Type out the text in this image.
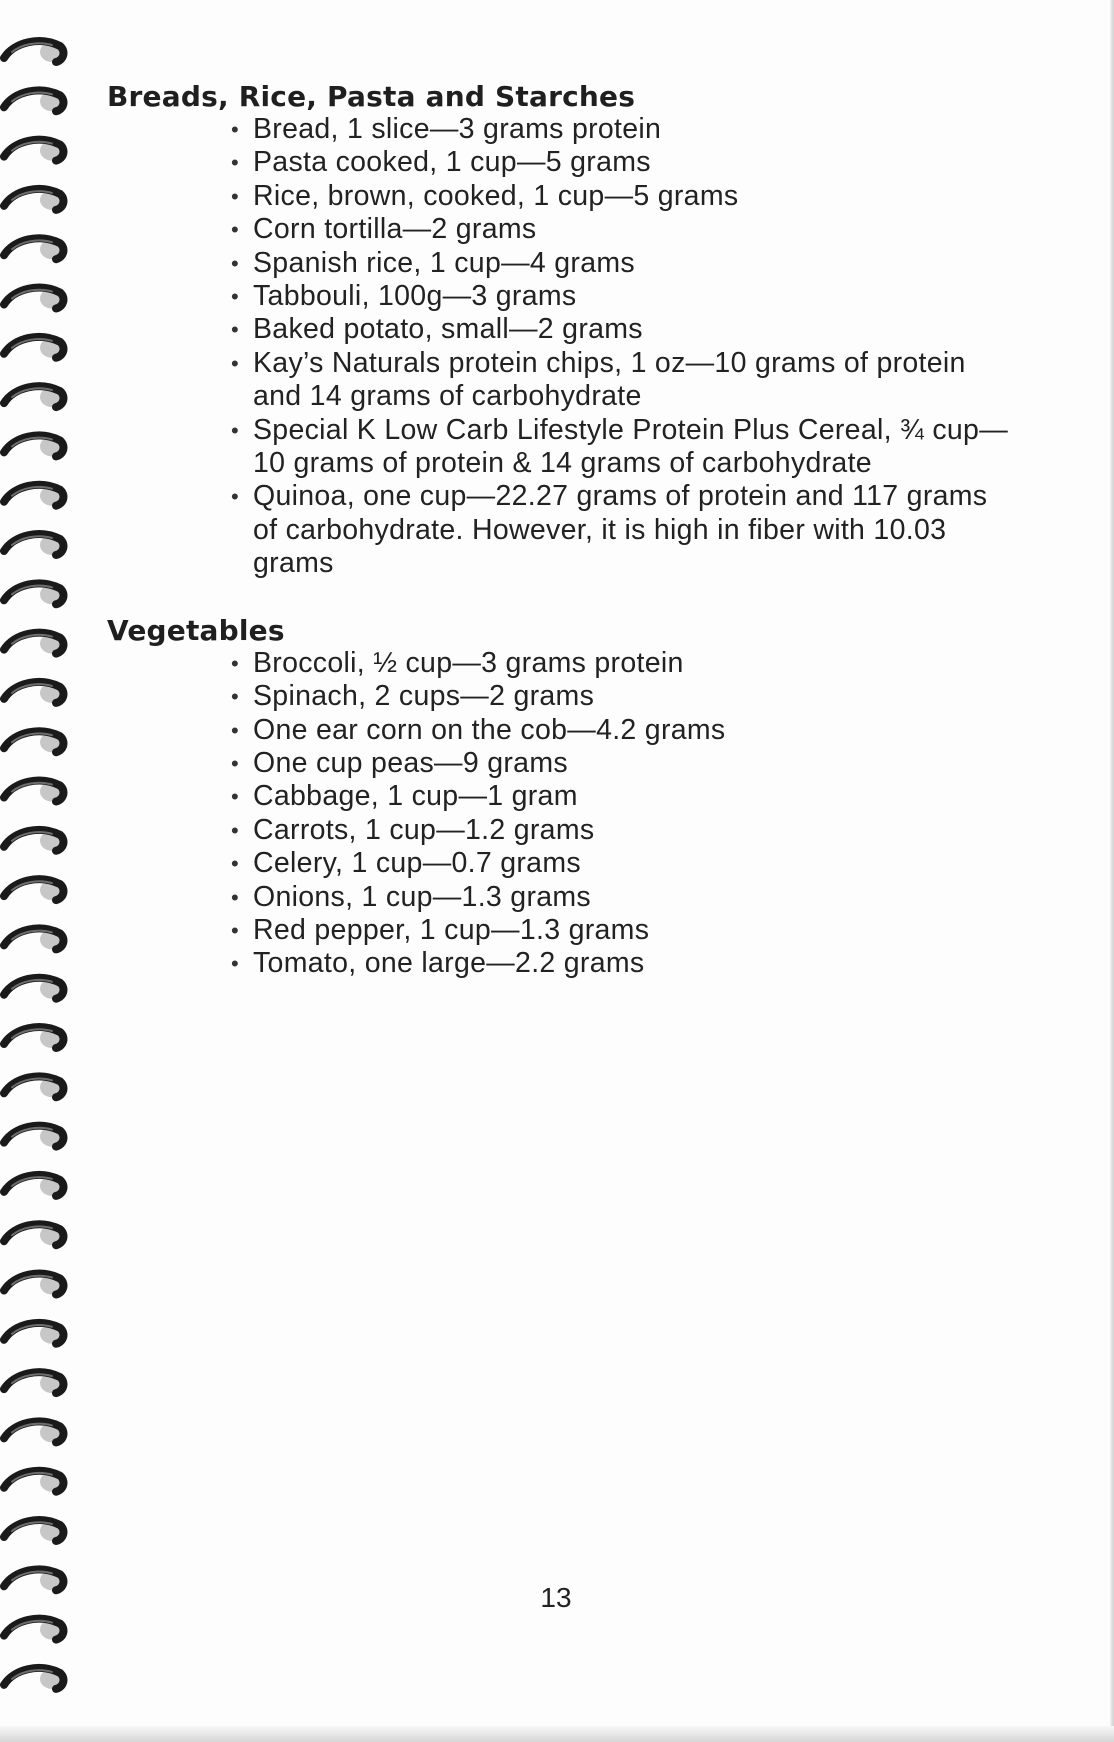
Breads, Rice, Pasta and Starches
• Bread, 1 slice—3 grams protein
• Pasta cooked, 1 cup—5 grams
• Rice, brown, cooked, 1 cup—5 grams
• Corn tortilla—2 grams
• Spanish rice, 1 cup—4 grams
• Tabbouli, 100g—3 grams
• Baked potato, small—2 grams
• Kay’s Naturals protein chips, 1 oz—10 grams of protein and 14 grams of carbohydrate
• Special K Low Carb Lifestyle Protein Plus Cereal, ¾ cup—10 grams of protein & 14 grams of carbohydrate
• Quinoa, one cup—22.27 grams of protein and 117 grams of carbohydrate. However, it is high in fiber with 10.03 grams
Vegetables
• Broccoli, ½ cup—3 grams protein
• Spinach, 2 cups—2 grams
• One ear corn on the cob—4.2 grams
• One cup peas—9 grams
• Cabbage, 1 cup—1 gram
• Carrots, 1 cup—1.2 grams
• Celery, 1 cup—0.7 grams
• Onions, 1 cup—1.3 grams
• Red pepper, 1 cup—1.3 grams
• Tomato, one large—2.2 grams
13
